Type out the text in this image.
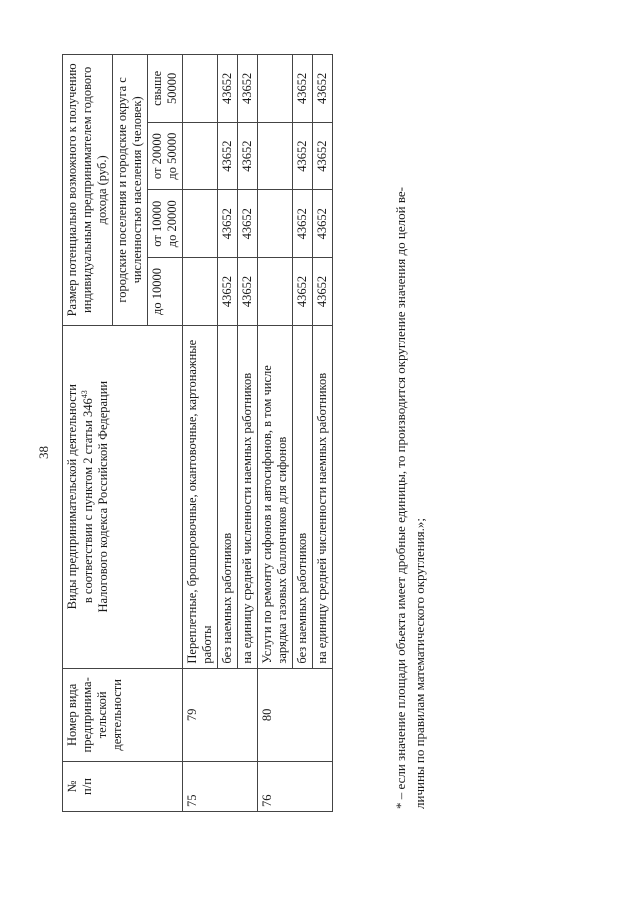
38
№
п/п	Номер вида предпринима-тельской деятельности	Виды предпринимательской деятельности в соответствии с пунктом 2 статьи $346^{43}$ Налогового кодекса Российской Федерации	Размер потенциально возможного к получению индивидуальным предпринимателем годового дохода (руб.)			
			городские поселения и городские округа с численностью населения (человек)			
			до 10000	от 10000 до 20000	от 20000 до 50000	свыше 50000
75	79	Переплетные, брошюровочные, окантовочные, картонажные работы				
		без наемных работников	43652	43652	43652	43652
		на единицу средней численности наемных работников	43652	43652	43652	43652
76	80	Услуги по ремонту сифонов и автосифонов, в том числе зарядка газовых баллончиков для сифонов				
		без наемных работников	43652	43652	43652	43652
		на единицу средней численности наемных работников	43652	43652	43652	43652

* – если значение площади объекта имеет дробные единицы, то производится округление значения до целой ве- личины по правилам математического округления.»;
